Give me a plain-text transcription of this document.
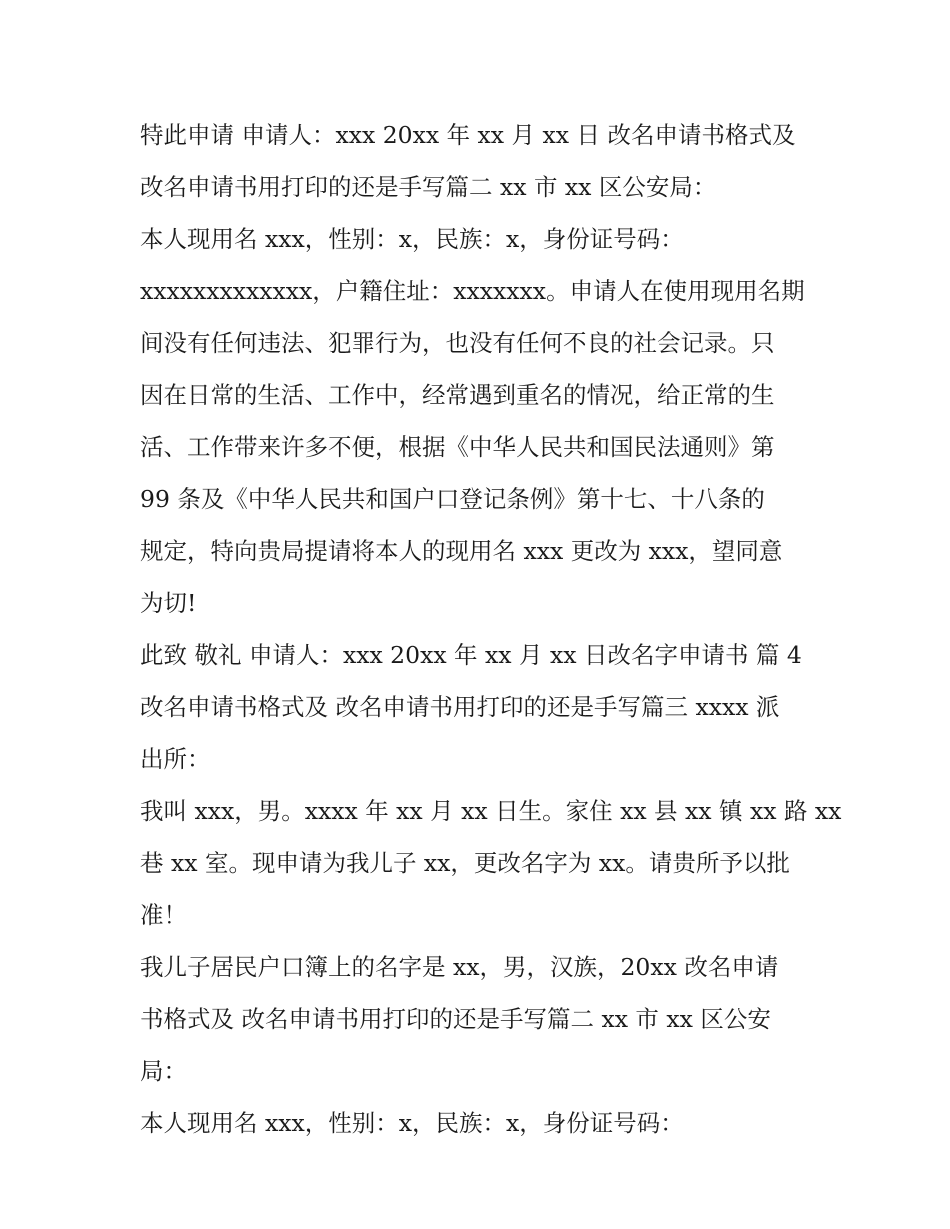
特此申请 申请人：xxx 20xx 年 xx 月 xx 日 改名申请书格式及
改名申请书用打印的还是手写篇二 xx 市 xx 区公安局：
本人现用名 xxx，性别：x，民族：x，身份证号码：
xxxxxxxxxxxxx，户籍住址：xxxxxxx。申请人在使用现用名期
间没有任何违法、犯罪行为，也没有任何不良的社会记录。只
因在日常的生活、工作中，经常遇到重名的情况，给正常的生
活、工作带来许多不便，根据《中华人民共和国民法通则》第
99 条及《中华人民共和国户口登记条例》第十七、十八条的
规定，特向贵局提请将本人的现用名 xxx 更改为 xxx，望同意
为切!
此致 敬礼 申请人：xxx 20xx 年 xx 月 xx 日改名字申请书 篇 4
改名申请书格式及 改名申请书用打印的还是手写篇三 xxxx 派
出所：
我叫 xxx，男。xxxx 年 xx 月 xx 日生。家住 xx 县 xx 镇 xx 路 xx
巷 xx 室。现申请为我儿子 xx，更改名字为 xx。请贵所予以批
准！
我儿子居民户口簿上的名字是 xx，男，汉族，20xx 改名申请
书格式及 改名申请书用打印的还是手写篇二 xx 市 xx 区公安
局：
本人现用名 xxx，性别：x，民族：x，身份证号码：
